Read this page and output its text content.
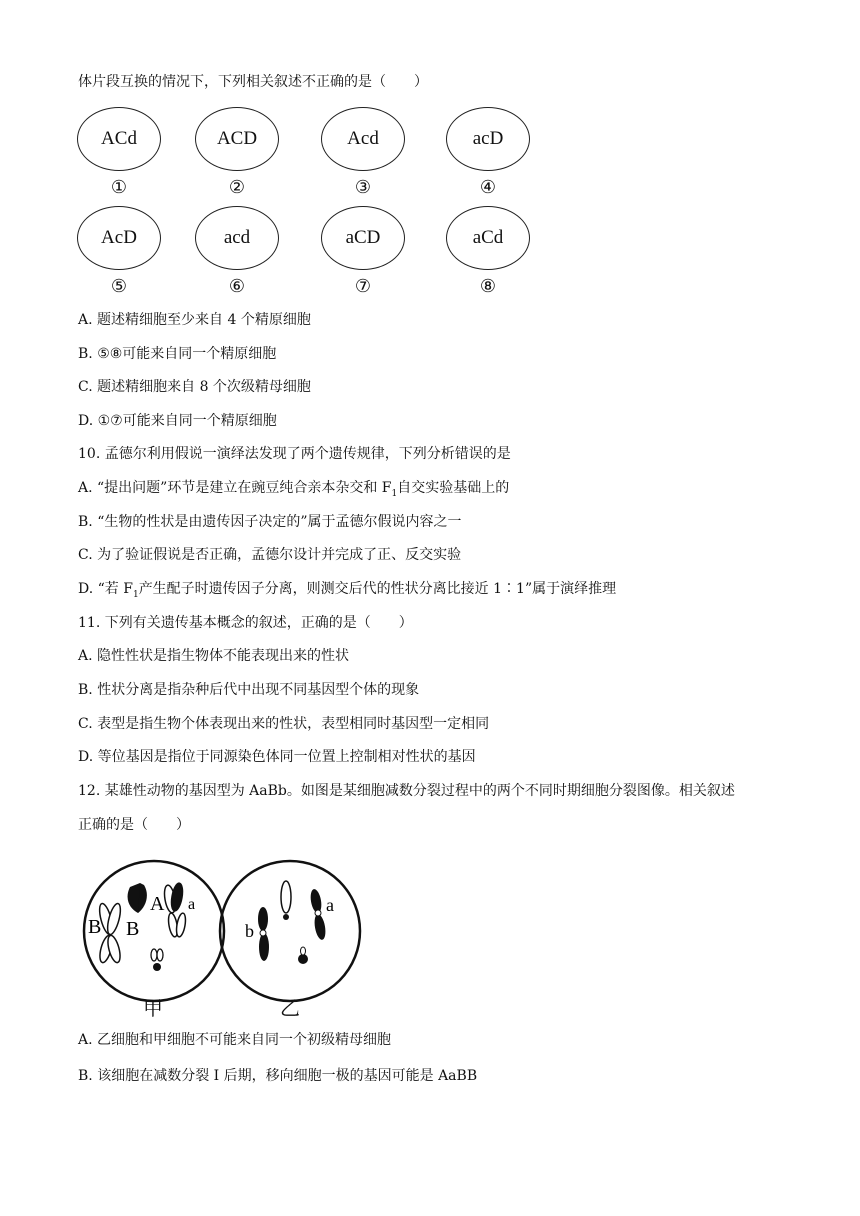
体片段互换的情况下，下列相关叙述不正确的是（　　）
ACd
①
ACD
②
Acd
③
acD
④
AcD
⑤
acd
⑥
aCD
⑦
aCd
⑧
A. 题述精细胞至少来自 4 个精原细胞
B. ⑤⑧可能来自同一个精原细胞
C. 题述精细胞来自 8 个次级精母细胞
D. ①⑦可能来自同一个精原细胞
10. 孟德尔利用假说一演绎法发现了两个遗传规律，下列分析错误的是
A. “提出问题”环节是建立在豌豆纯合亲本杂交和 $F_1$自交实验基础上的
B. “生物的性状是由遗传因子决定的”属于孟德尔假说内容之一
C. 为了验证假说是否正确，孟德尔设计并完成了正、反交实验
D. “若 $F_1$产生配子时遗传因子分离，则测交后代的性状分离比接近 1∶1”属于演绎推理
11. 下列有关遗传基本概念的叙述，正确的是（　　）
A. 隐性性状是指生物体不能表现出来的性状
B. 性状分离是指杂种后代中出现不同基因型个体的现象
C. 表型是指生物个体表现出来的性状，表型相同时基因型一定相同
D. 等位基因是指位于同源染色体同一位置上控制相对性状的基因
12. 某雄性动物的基因型为 AaBb。如图是某细胞减数分裂过程中的两个不同时期细胞分裂图像。相关叙述
正确的是（　　）
A a
B B
a
b
甲	乙
A. 乙细胞和甲细胞不可能来自同一个初级精母细胞
B. 该细胞在减数分裂 I 后期，移向细胞一极的基因可能是 AaBB
